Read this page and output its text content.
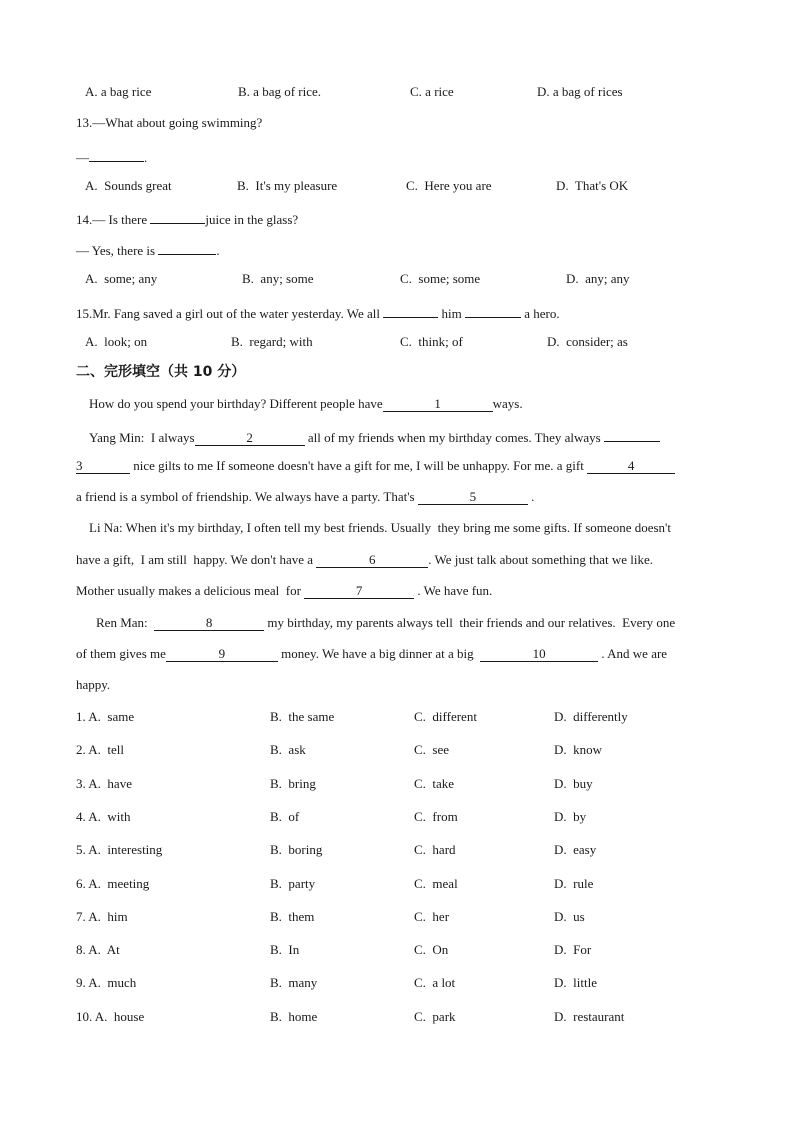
A. a bag rice	B. a bag of rice.	C. a rice	D. a bag of rices
13.—What about going swimming?
—	.
A.  Sounds great	B.  It's my pleasure	C.  Here you are	D.  That's OK
14.— Is there	juice in the glass?
— Yes, there is	.
A.  some; any	B.  any; some	C.  some; some	D.  any; any
15.Mr. Fang saved a girl out of the water yesterday. We all	him	a hero.
A.  look; on	B.  regard; with	C.  think; of	D.  consider; as
二、完形填空（共 10 分）
How do you spend your birthday? Different people have	1	ways.
Yang Min:  I always	2	all of my friends when my birthday comes. They always
3	nice gilts to me If someone doesn't have a gift for me, I will be unhappy. For me. a gift	4
a friend is a symbol of friendship. We always have a party. That's	5	.
Li Na: When it's my birthday, I often tell my best friends. Usually  they bring me some gifts. If someone doesn't
have a gift,  I am still  happy. We don't have a	6	. We just talk about something that we like.
Mother usually makes a delicious meal  for	7	. We have fun.
Ren Man:	8	my birthday, my parents always tell  their friends and our relatives.  Every one
of them gives me	9	money. We have a big dinner at a big	10	. And we are
happy.
1. A.  same	B.  the same	C.  different	D.  differently
2. A.  tell	B.  ask	C.  see	D.  know
3. A.  have	B.  bring	C.  take	D.  buy
4. A.  with	B.  of	C.  from	D.  by
5. A.  interesting	B.  boring	C.  hard	D.  easy
6. A.  meeting	B.  party	C.  meal	D.  rule
7. A.  him	B.  them	C.  her	D.  us
8. A.  At	B.  In	C.  On	D.  For
9. A.  much	B.  many	C.  a lot	D.  little
10. A.  house	B.  home	C.  park	D.  restaurant
